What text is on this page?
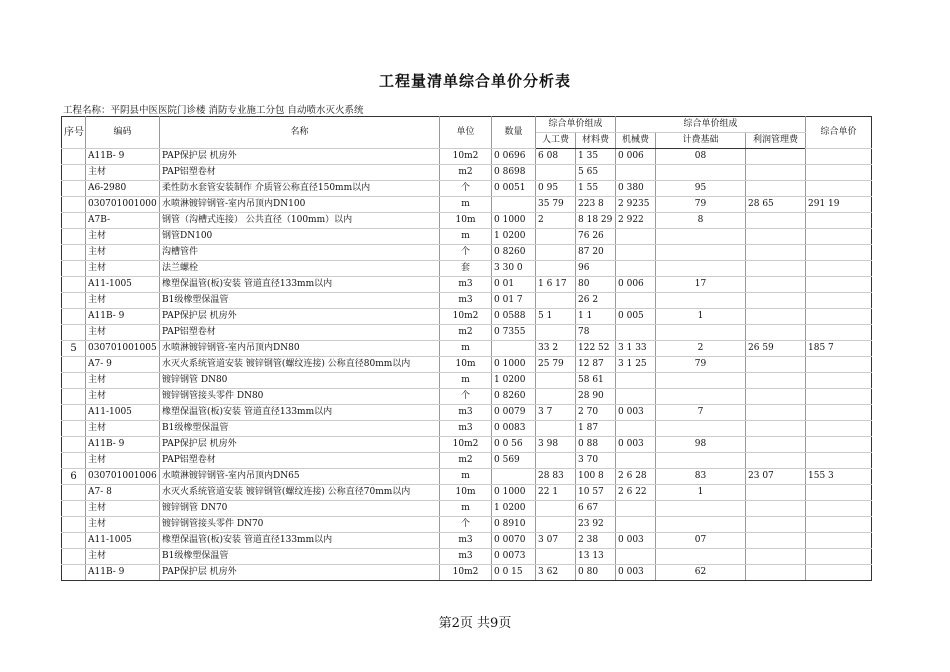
工程量清单综合单价分析表
工程名称：平阴县中医医院门诊楼 消防专业施工分包 自动喷水灭火系统
序号	编码	名称	单位	数量	综合单价组成		综合单价组成			综合单价
					人工费	材料费	机械费	计费基础	利润管理费	
	A11B- 9	PAP保护层 机房外	10m2	0 0696	6 08	1 35	0 006	08		
	主材	PAP铝塑卷材	m2	0 8698		5 65				
	A6-2980	柔性防水套管安装制作 介质管公称直径150mm以内	个	0 0051	0 95	1 55	0 380	95		
	030701001000	水喷淋镀锌钢管-室内吊顶内DN100	m		35 79	223 8	2 9235	79	28 65	291 19
	A7B-	钢管（沟槽式连接） 公共直径（100mm）以内	10m	0 1000	2	8 18 29	2 922	8		
	主材	钢管DN100	m	1 0200		76 26				
	主材	沟槽管件	个	0 8260		87 20				
	主材	法兰螺栓	套	3 30 0		96				
	A11-1005	橡塑保温管(板)安装 管道直径133mm以内	m3	0 01	1 6 17	80	0 006	17		
	主材	B1级橡塑保温管	m3	0 01 7		26 2				
	A11B- 9	PAP保护层 机房外	10m2	0 0588	5 1	1 1	0 005	1		
	主材	PAP铝塑卷材	m2	0 7355		78				
5	030701001005	水喷淋镀锌钢管-室内吊顶内DN80	m		33 2	122 52	3 1 33	2	26 59	185 7
	A7- 9	水灭火系统管道安装 镀锌钢管(螺纹连接) 公称直径80mm以内	10m	0 1000	25 79	12 87	3 1 25	79		
	主材	镀锌钢管 DN80	m	1 0200		58 61				
	主材	镀锌钢管接头零件 DN80	个	0 8260		28 90				
	A11-1005	橡塑保温管(板)安装 管道直径133mm以内	m3	0 0079	3 7	2 70	0 003	7		
	主材	B1级橡塑保温管	m3	0 0083		1 87				
	A11B- 9	PAP保护层 机房外	10m2	0 0 56	3 98	0 88	0 003	98		
	主材	PAP铝塑卷材	m2	0 569		3 70				
6	030701001006	水喷淋镀锌钢管-室内吊顶内DN65	m		28 83	100 8	2 6 28	83	23 07	155 3
	A7- 8	水灭火系统管道安装 镀锌钢管(螺纹连接) 公称直径70mm以内	10m	0 1000	22 1	10 57	2 6 22	1		
	主材	镀锌钢管 DN70	m	1 0200		6 67				
	主材	镀锌钢管接头零件 DN70	个	0 8910		23 92				
	A11-1005	橡塑保温管(板)安装 管道直径133mm以内	m3	0 0070	3 07	2 38	0 003	07		
	主材	B1级橡塑保温管	m3	0 0073		13 13				
	A11B- 9	PAP保护层 机房外	10m2	0 0 15	3 62	0 80	0 003	62		
第2页 共9页
